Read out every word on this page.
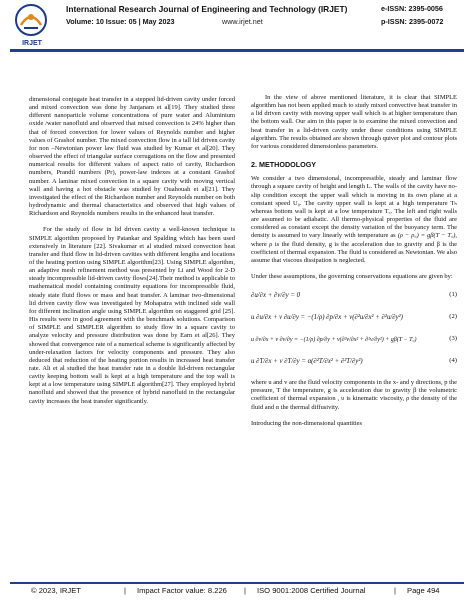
IRJET
International Research Journal of Engineering and Technology (IRJET)	e-ISSN: 2395-0056
Volume: 10 Issue: 05 | May 2023	www.irjet.net	p-ISSN: 2395-0072
dimensional conjugate heat transfer in a stepped lid-driven cavity under forced and mixed convection was done by Janjanam et al[19]. They studied three different nanoparticle volume concentrations of pure water and Aluminium oxide /water nanofluid and observed that mixed convection is 24% higher than that of forced convection for lower values of Reynolds number and higher values of Grashof number. The mixed convection flow in a tall lid driven cavity for non –Newtonian power law fluid was studied by Kumar et al[20]. They observed the effect of triangular surface corrugations on the flow and presented numerical results for different values of aspect ratio of cavity, Richardson numbers, Prandtl numbers (Pr), power-law indexes at a constant Grashof number. A laminar mixed convection in a square cavity with moving vertical wall and having a hot obstacle was studied by Ouahouah et al[21]. They investigated the effect of the Richardson number and Reynolds number on both hydrodynamic and thermal characteristics and observed that high values of Richardson and Reynolds numbers results in the enhanced heat transfer.
For the study of flow in lid driven cavity a well-known technique is SIMPLE algorithm proposed by Patankar and Spalding which has been used extensively in literature [22]. Sivakumar et al studied mixed convection heat transfer and fluid flow in lid-driven cavities with different lengths and locations of the heating portion using SIMPLE algorithm[23]. Using SIMPLE algorithm, an adaptive mesh refinement method was presented by Li and Wood for 2-D steady incompressible lid-driven cavity flows[24].Their method is applicable to mathematical model containing continuity equations for incompressible fluid, steady state fluid flows or mass and heat transfer. A laminar two-dimensional lid driven cavity flow was investigated by Mohapatra with inclined side wall for different inclination angle using SIMPLE algorithm on staggered grid [25]. His results were in good agreement with the benchmark solutions. Comparison of SIMPLE and SIMPLER algorithm to study flow in a square cavity to analyze velocity and pressure distribution was done by Earn et al[26]. They showed that convergence rate of a numerical scheme is significantly affected by under-relaxation factors for velocity components and pressure. They also deduced that reduction of the heating portion results in increased heat transfer rate. Ali et al studied the heat transfer rate in a double lid-driven rectangular cavity keeping bottom wall is kept at a high temperature and the top wall is kept at a low temperature using SIMPLE algorithm[27]. They employed hybrid nanofluid and showed that the presence of hybrid nanofluid in the rectangular cavity increases the heat transfer significantly.
In the view of above mentioned literature, it is clear that SIMPLE algorithm has not been applied much to study mixed convective heat transfer in a lid driven cavity with moving upper wall which is at higher temperature than the bottom wall. Our aim in this paper is to examine the mixed convection and heat transfer in a lid-driven cavity under these conditions using SIMPLE algorithm. The results obtained are shown through quiver plot and contour plots for various considered dimensionless parameters.
2. METHODOLOGY
We consider a two dimensional, incompressible, steady and laminar flow through a square cavity of height and length L. The walls of the cavity have no-slip condition except the upper wall which is moving in its own plane at a constant speed U₀. The cavity upper wall is kept at a high temperature Tₕ whereas bottom wall is kept at a low temperature T꜀. The left and right walls are assumed to be adiabatic. All thermo-physical properties of the fluid are considered as constant except the density variation of the buoyancy term. The density is assumed to vary linearly with temperature as (ρ − ρ꜀) = gβ(T − T꜀), where ρ is the fluid density, g is the acceleration due to gravity and β is the coefficient of thermal expansion. The fluid is considered as Newtonian. We also assume that viscous dissipation is neglected.
Under these assumptions, the governing conservations equations are given by:
∂u/∂x + ∂v/∂y = 0	(1)
u ∂u/∂x + v ∂u/∂y = −(1/ρ) ∂p/∂x + ν(∂²u/∂x² + ∂²u/∂y²)	(2)
u ∂v/∂x + v ∂v/∂y = −(1/ρ) ∂p/∂y + ν(∂²v/∂x² + ∂²v/∂y²) + gβ(T − T꜀)	(3)
u ∂T/∂x + v ∂T/∂y = α(∂²T/∂x² + ∂²T/∂y²)	(4)
where u and v are the fluid velocity components in the x- and y directions, p the pressure, T the temperature, g is acceleration due to gravity β the volumetric coefficient of thermal expansion , υ is kinematic viscosity, ρ the density of the fluid and α the thermal diffusivity.
Introducing the non-dimensional quantities
© 2023, IRJET	| Impact Factor value: 8.226 | ISO 9001:2008 Certified Journal	| Page 494
